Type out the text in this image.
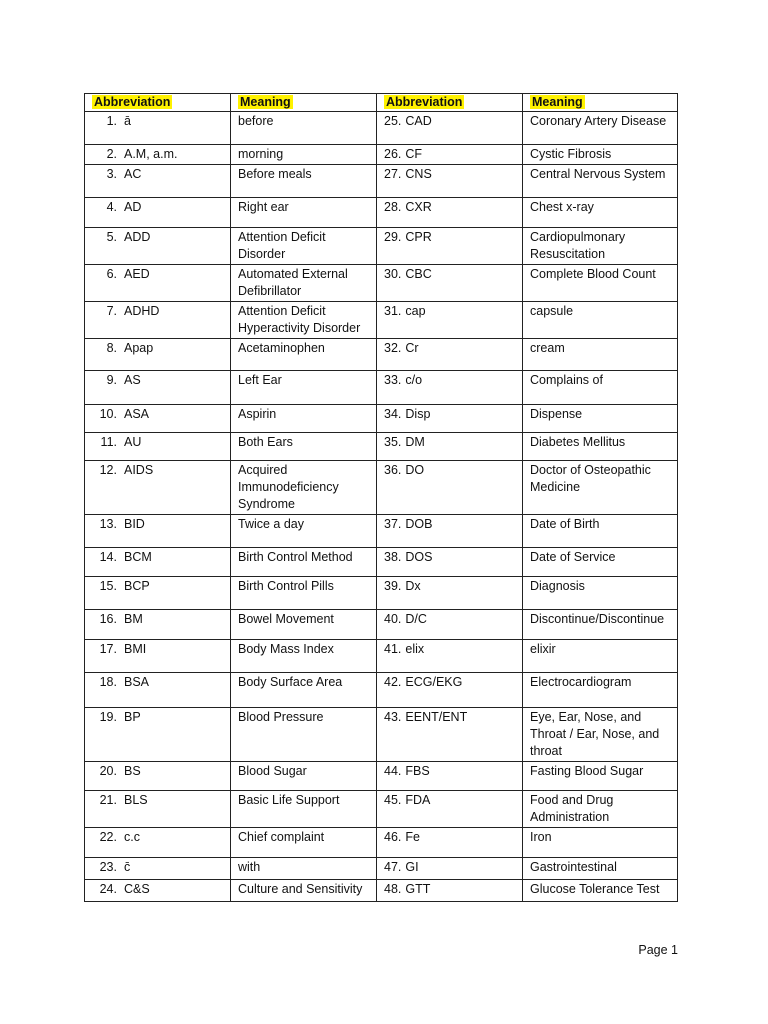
Abbreviation	Meaning	Abbreviation	Meaning
1. ā	before	25. CAD	Coronary Artery Disease
2. A.M, a.m.	morning	26. CF	Cystic Fibrosis
3. AC	Before meals	27. CNS	Central Nervous System
4. AD	Right ear	28. CXR	Chest x-ray
5. ADD	Attention Deficit Disorder	29. CPR	Cardiopulmonary Resuscitation
6. AED	Automated External Defibrillator	30. CBC	Complete Blood Count
7. ADHD	Attention Deficit Hyperactivity Disorder	31. cap	capsule
8. Apap	Acetaminophen	32. Cr	cream
9. AS	Left Ear	33. c/o	Complains of
10. ASA	Aspirin	34. Disp	Dispense
11. AU	Both Ears	35. DM	Diabetes Mellitus
12. AIDS	Acquired Immunodeficiency Syndrome	36. DO	Doctor of Osteopathic Medicine
13. BID	Twice a day	37. DOB	Date of Birth
14. BCM	Birth Control Method	38. DOS	Date of Service
15. BCP	Birth Control Pills	39. Dx	Diagnosis
16. BM	Bowel Movement	40. D/C	Discontinue/Discontinue
17. BMI	Body Mass Index	41. elix	elixir
18. BSA	Body Surface Area	42. ECG/EKG	Electrocardiogram
19. BP	Blood Pressure	43. EENT/ENT	Eye, Ear, Nose, and Throat / Ear, Nose, and throat
20. BS	Blood Sugar	44. FBS	Fasting Blood Sugar
21. BLS	Basic Life Support	45. FDA	Food and Drug Administration
22. c.c	Chief complaint	46. Fe	Iron
23. c̄	with	47. GI	Gastrointestinal
24. C&S	Culture and Sensitivity	48. GTT	Glucose Tolerance Test
Page 1
